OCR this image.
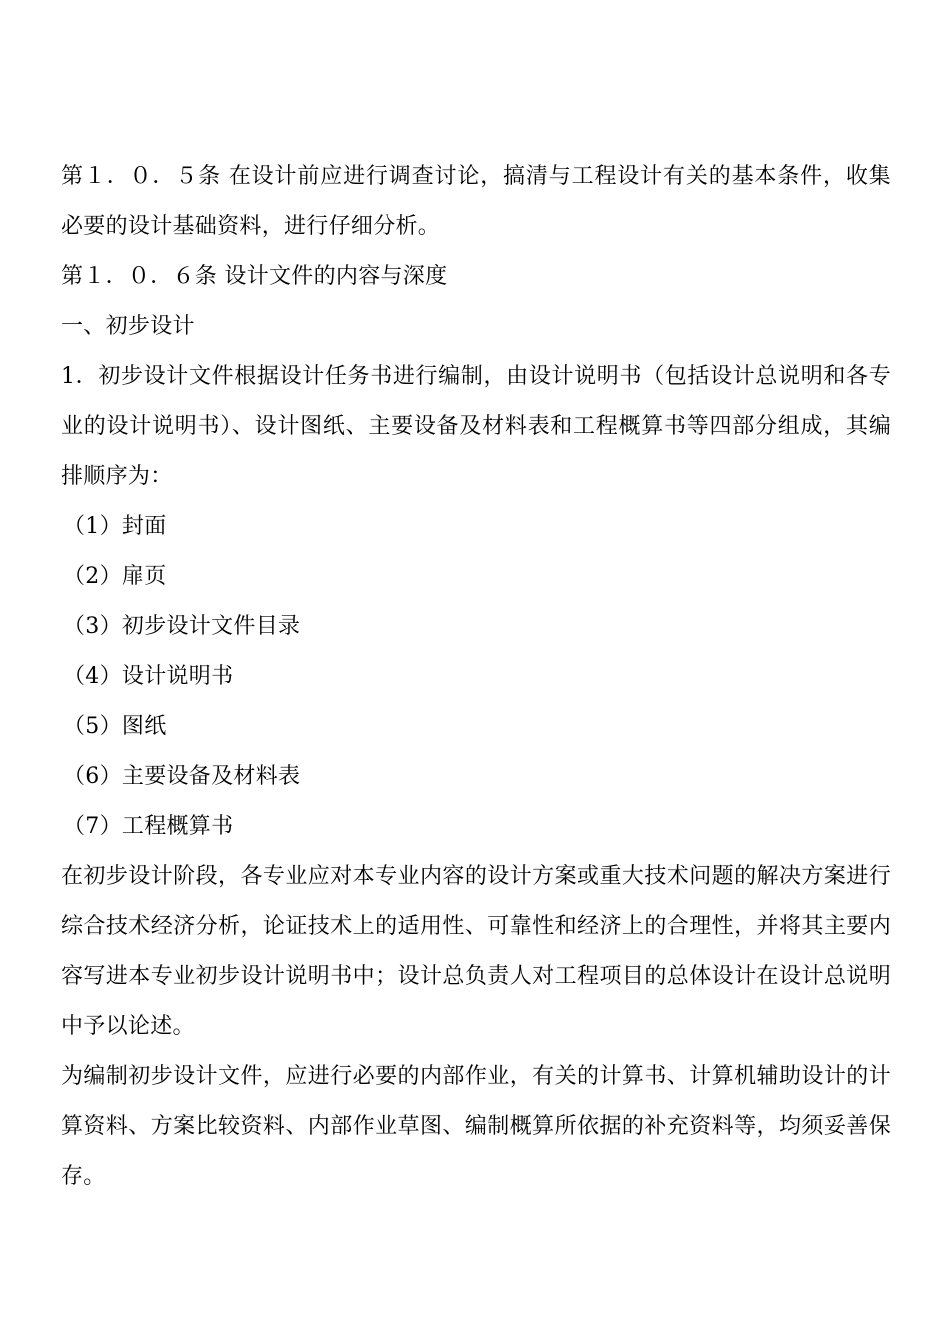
第１．０．５条 在设计前应进行调查讨论，搞清与工程设计有关的基本条件，收集必要的设计基础资料，进行仔细分析。

第１．０．６条 设计文件的内容与深度

一、初步设计

1．初步设计文件根据设计任务书进行编制，由设计说明书（包括设计总说明和各专业的设计说明书）、设计图纸、主要设备及材料表和工程概算书等四部分组成，其编排顺序为：

（1）封面

（2）扉页

（3）初步设计文件目录

（4）设计说明书

（5）图纸

（6）主要设备及材料表

（7）工程概算书

在初步设计阶段，各专业应对本专业内容的设计方案或重大技术问题的解决方案进行综合技术经济分析，论证技术上的适用性、可靠性和经济上的合理性，并将其主要内容写进本专业初步设计说明书中；设计总负责人对工程项目的总体设计在设计总说明中予以论述。

为编制初步设计文件，应进行必要的内部作业，有关的计算书、计算机辅助设计的计算资料、方案比较资料、内部作业草图、编制概算所依据的补充资料等，均须妥善保存。
